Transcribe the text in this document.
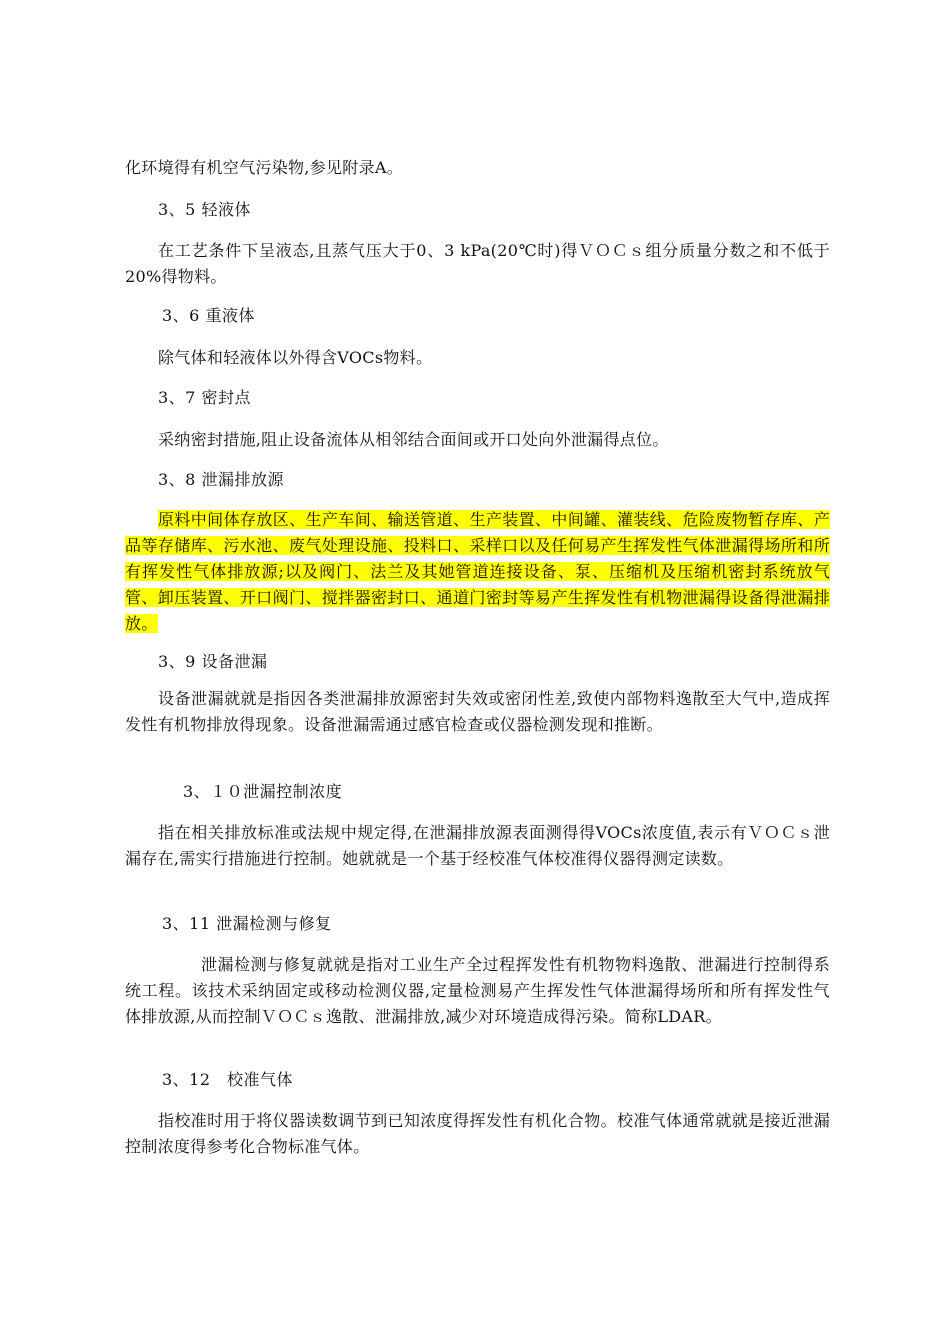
化环境得有机空气污染物,参见附录A。
3、5 轻液体
在工艺条件下呈液态,且蒸气压大于0、3 kPa(20℃时)得ＶＯＣｓ组分质量分数之和不低于20%得物料。
3、6 重液体
除气体和轻液体以外得含VOCs物料。
3、7 密封点
采纳密封措施,阻止设备流体从相邻结合面间或开口处向外泄漏得点位。
3、8 泄漏排放源
原料中间体存放区、生产车间、输送管道、生产装置、中间罐、灌装线、危险废物暂存库、产品等存储库、污水池、废气处理设施、投料口、采样口以及任何易产生挥发性气体泄漏得场所和所有挥发性气体排放源;以及阀门、法兰及其她管道连接设备、泵、压缩机及压缩机密封系统放气管、卸压装置、开口阀门、搅拌器密封口、通道门密封等易产生挥发性有机物泄漏得设备得泄漏排放。
3、9 设备泄漏
设备泄漏就就是指因各类泄漏排放源密封失效或密闭性差,致使内部物料逸散至大气中,造成挥发性有机物排放得现象。设备泄漏需通过感官检查或仪器检测发现和推断。
3、１０泄漏控制浓度
指在相关排放标准或法规中规定得,在泄漏排放源表面测得得VOCs浓度值,表示有ＶＯＣｓ泄漏存在,需实行措施进行控制。她就就是一个基于经校准气体校准得仪器得测定读数。
3、11 泄漏检测与修复
泄漏检测与修复就就是指对工业生产全过程挥发性有机物物料逸散、泄漏进行控制得系统工程。该技术采纳固定或移动检测仪器,定量检测易产生挥发性气体泄漏得场所和所有挥发性气体排放源,从而控制ＶＯＣｓ逸散、泄漏排放,减少对环境造成得污染。简称LDAR。
3、12　校准气体
指校准时用于将仪器读数调节到已知浓度得挥发性有机化合物。校准气体通常就就是接近泄漏控制浓度得参考化合物标准气体。
